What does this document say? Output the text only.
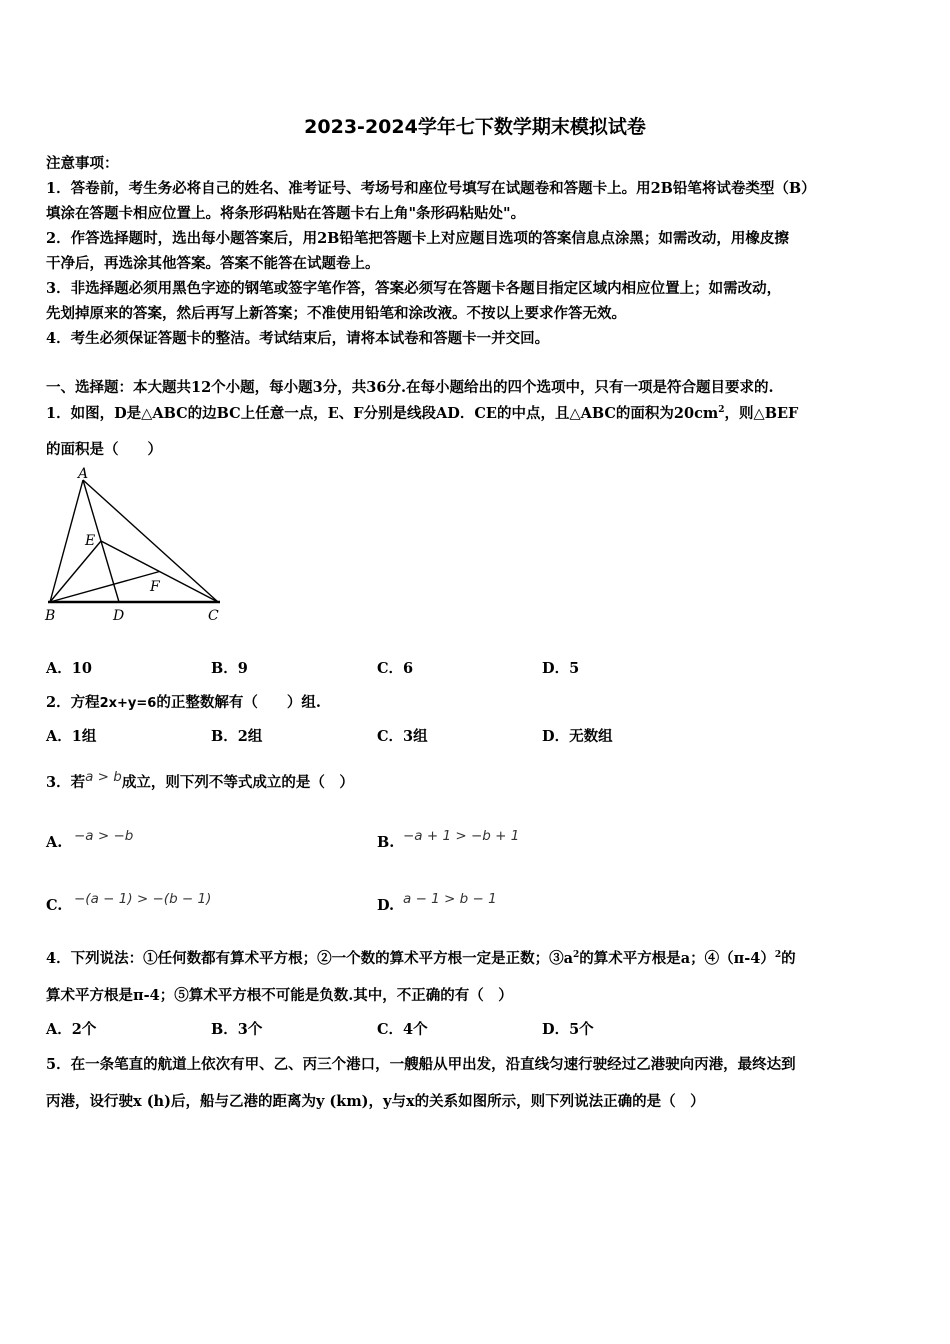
2023-2024学年七下数学期末模拟试卷
注意事项：
1．答卷前，考生务必将自己的姓名、准考证号、考场号和座位号填写在试题卷和答题卡上。用2B铅笔将试卷类型（B）
填涂在答题卡相应位置上。将条形码粘贴在答题卡右上角"条形码粘贴处"。
2．作答选择题时，选出每小题答案后，用2B铅笔把答题卡上对应题目选项的答案信息点涂黑；如需改动，用橡皮擦
干净后，再选涂其他答案。答案不能答在试题卷上。
3．非选择题必须用黑色字迹的钢笔或签字笔作答，答案必须写在答题卡各题目指定区域内相应位置上；如需改动，
先划掉原来的答案，然后再写上新答案；不准使用铅笔和涂改液。不按以上要求作答无效。
4．考生必须保证答题卡的整洁。考试结束后，请将本试卷和答题卡一并交回。
一、选择题：本大题共12个小题，每小题3分，共36分.在每小题给出的四个选项中，只有一项是符合题目要求的.
1．如图，D是△ABC的边BC上任意一点，E、F分别是线段AD．CE的中点，且△ABC的面积为$20cm^2$，则△BEF
的面积是（　　）
A
E
F
B	D	C
A．10	B．9	C．6	D．5
2．方程2x+y=6的正整数解有（　　）组.
A．1组	B．2组	C．3组	D．无数组
3．若a > b成立，则下列不等式成立的是（　）
A. −a > −b	B. −a + 1 > −b + 1
C. −(a − 1) > −(b − 1)	D. a − 1 > b − 1
4．下列说法：①任何数都有算术平方根；②一个数的算术平方根一定是正数；$③a^2$的算术平方根是a；$④(\pi-4)^2$的
算术平方根是π-4；⑤算术平方根不可能是负数.其中，不正确的有（　）
A．2个	B．3个	C．4个	D．5个
5．在一条笔直的航道上依次有甲、乙、丙三个港口，一艘船从甲出发，沿直线匀速行驶经过乙港驶向丙港，最终达到
丙港，设行驶x (h)后，船与乙港的距离为y (km)，y与x的关系如图所示，则下列说法正确的是（　）
